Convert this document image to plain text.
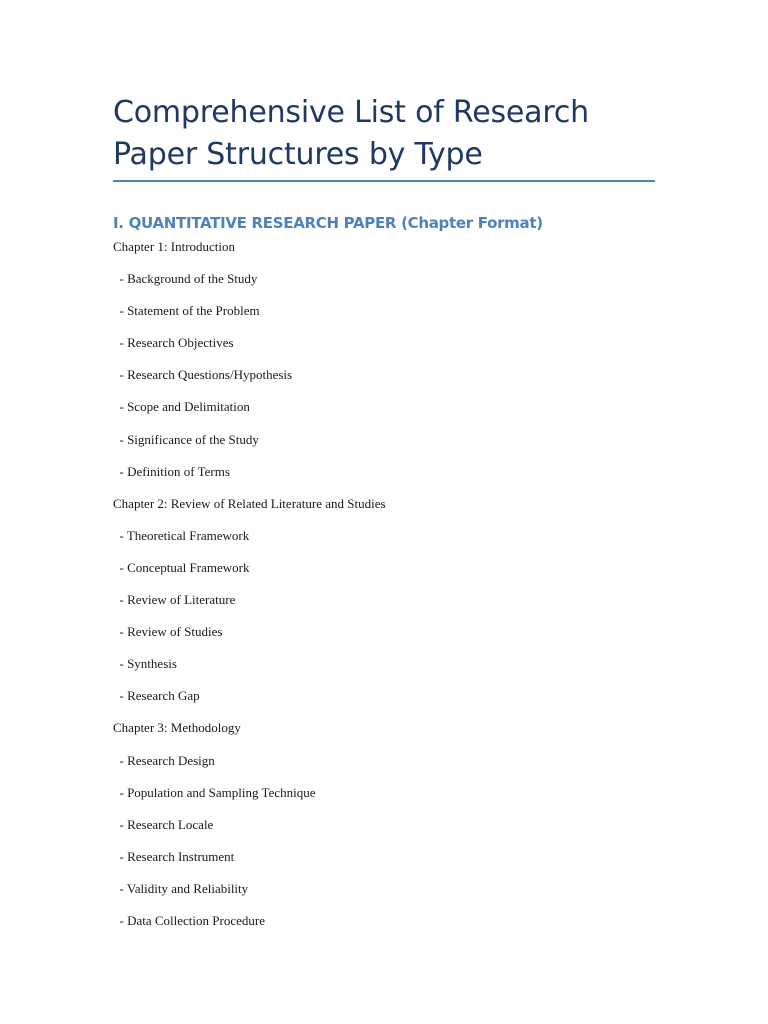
Comprehensive List of Research Paper Structures by Type
I. QUANTITATIVE RESEARCH PAPER (Chapter Format)
Chapter 1: Introduction
- Background of the Study
- Statement of the Problem
- Research Objectives
- Research Questions/Hypothesis
- Scope and Delimitation
- Significance of the Study
- Definition of Terms
Chapter 2: Review of Related Literature and Studies
- Theoretical Framework
- Conceptual Framework
- Review of Literature
- Review of Studies
- Synthesis
- Research Gap
Chapter 3: Methodology
- Research Design
- Population and Sampling Technique
- Research Locale
- Research Instrument
- Validity and Reliability
- Data Collection Procedure
